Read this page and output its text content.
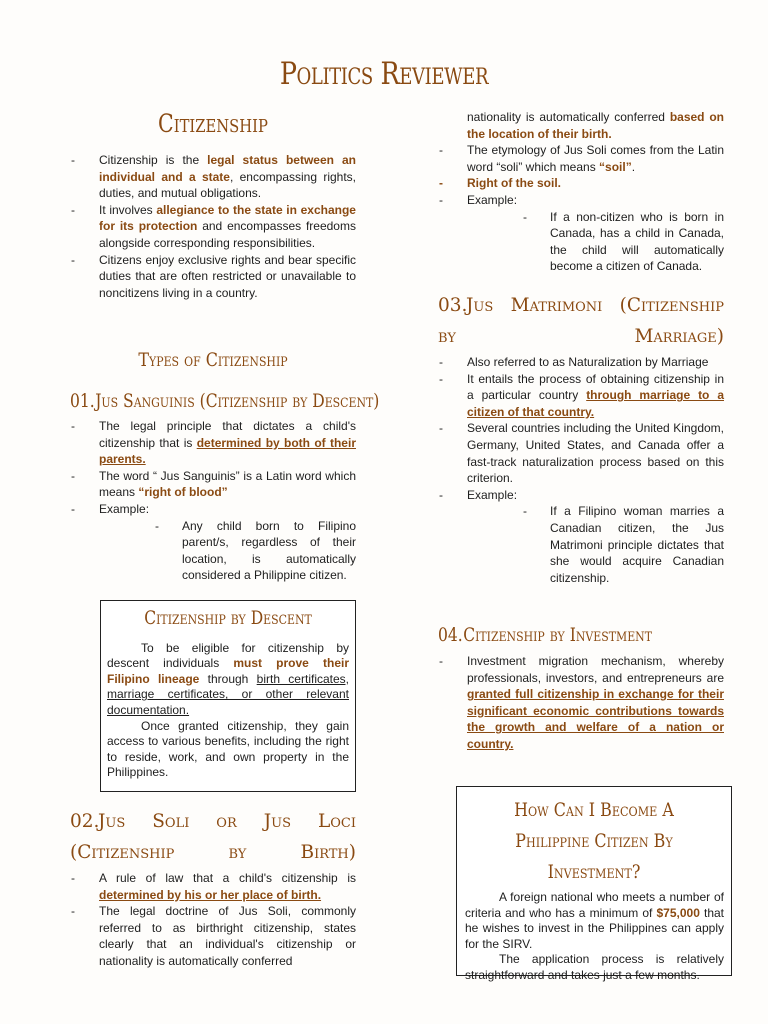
Politics Reviewer
Citizenship
- Citizenship is the legal status between an individual and a state, encompassing rights, duties, and mutual obligations.
- It involves allegiance to the state in exchange for its protection and encompasses freedoms alongside corresponding responsibilities.
- Citizens enjoy exclusive rights and bear specific duties that are often restricted or unavailable to noncitizens living in a country.
Types of Citizenship
01.Jus Sanguinis (Citizenship by Descent)
- The legal principle that dictates a child's citizenship that is determined by both of their parents.
- The word “ Jus Sanguinis” is a Latin word which means “right of blood”
- Example:
- Any child born to Filipino parent/s, regardless of their location, is automatically considered a Philippine citizen.
Citizenship by Descent

To be eligible for citizenship by descent individuals must prove their Filipino lineage through birth certificates, marriage certificates, or other relevant documentation.

Once granted citizenship, they gain access to various benefits, including the right to reside, work, and own property in the Philippines.

02.Jus Soli or Jus Loci (Citizenship by Birth)
- A rule of law that a child's citizenship is determined by his or her place of birth.
- The legal doctrine of Jus Soli, commonly referred to as birthright citizenship, states clearly that an individual's citizenship or nationality is automatically conferred
nationality is automatically conferred based on the location of their birth.
- The etymology of Jus Soli comes from the Latin word “soli” which means “soil”.
- Right of the soil.
- Example:
- If a non-citizen who is born in Canada, has a child in Canada, the child will automatically become a citizen of Canada.
03.Jus Matrimoni (Citizenship by Marriage)
- Also referred to as Naturalization by Marriage
- It entails the process of obtaining citizenship in a particular country through marriage to a citizen of that country.
- Several countries including the United Kingdom, Germany, United States, and Canada offer a fast-track naturalization process based on this criterion.
- Example:
- If a Filipino woman marries a Canadian citizen, the Jus Matrimoni principle dictates that she would acquire Canadian citizenship.
04.Citizenship by Investment
- Investment migration mechanism, whereby professionals, investors, and entrepreneurs are granted full citizenship in exchange for their significant economic contributions towards the growth and welfare of a nation or country.
How Can I Become A Philippine Citizen By Investment?

A foreign national who meets a number of criteria and who has a minimum of $75,000 that he wishes to invest in the Philippines can apply for the SIRV.

The application process is relatively straightforward and takes just a few months.
